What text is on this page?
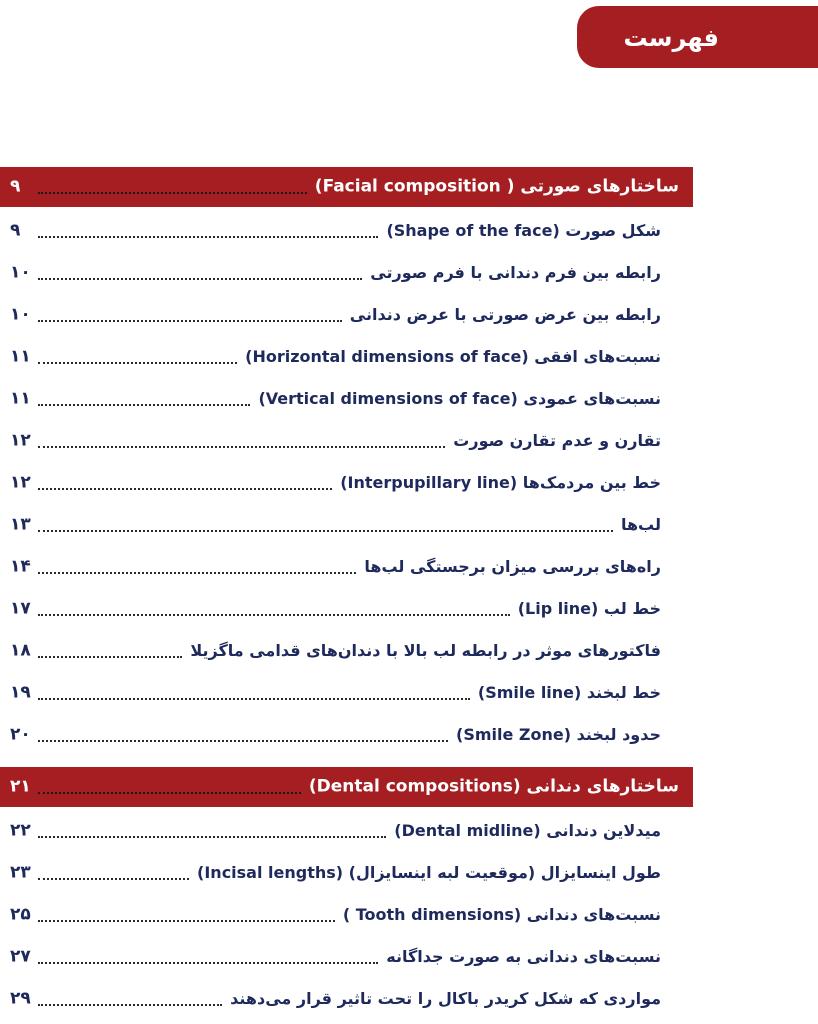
فهرست
۹	ساختارهای صورتی ( Facial composition)
۹	شکل صورت (Shape of the face)
۱۰	رابطه بین فرم دندانی با فرم صورتی
۱۰	رابطه بین عرض صورتی با عرض دندانی
۱۱	نسبت‌های افقی (Horizontal dimensions of face)
۱۱	نسبت‌های عمودی (Vertical dimensions of face)
۱۲	تقارن و عدم تقارن صورت
۱۲	خط بین مردمک‌ها (Interpupillary line)
۱۳	لب‌ها
۱۴	راه‌های بررسی میزان برجستگی لب‌ها
۱۷	خط لب (Lip line)
۱۸	فاکتورهای موثر در رابطه لب بالا با دندان‌های قدامی ماگزیلا
۱۹	خط لبخند (Smile line)
۲۰	حدود لبخند (Smile Zone)
۲۱	ساختارهای دندانی (Dental compositions)
۲۲	میدلاین دندانی (Dental midline)
۲۳	طول اینسایزال (موقعیت لبه اینسایزال) (Incisal lengths)
۲۵	نسبت‌های دندانی (Tooth dimensions )
۲۷	نسبت‌های دندانی به صورت جداگانه
۲۹	مواردی که شکل کریدر باکال را تحت تاثیر قرار می‌دهند
